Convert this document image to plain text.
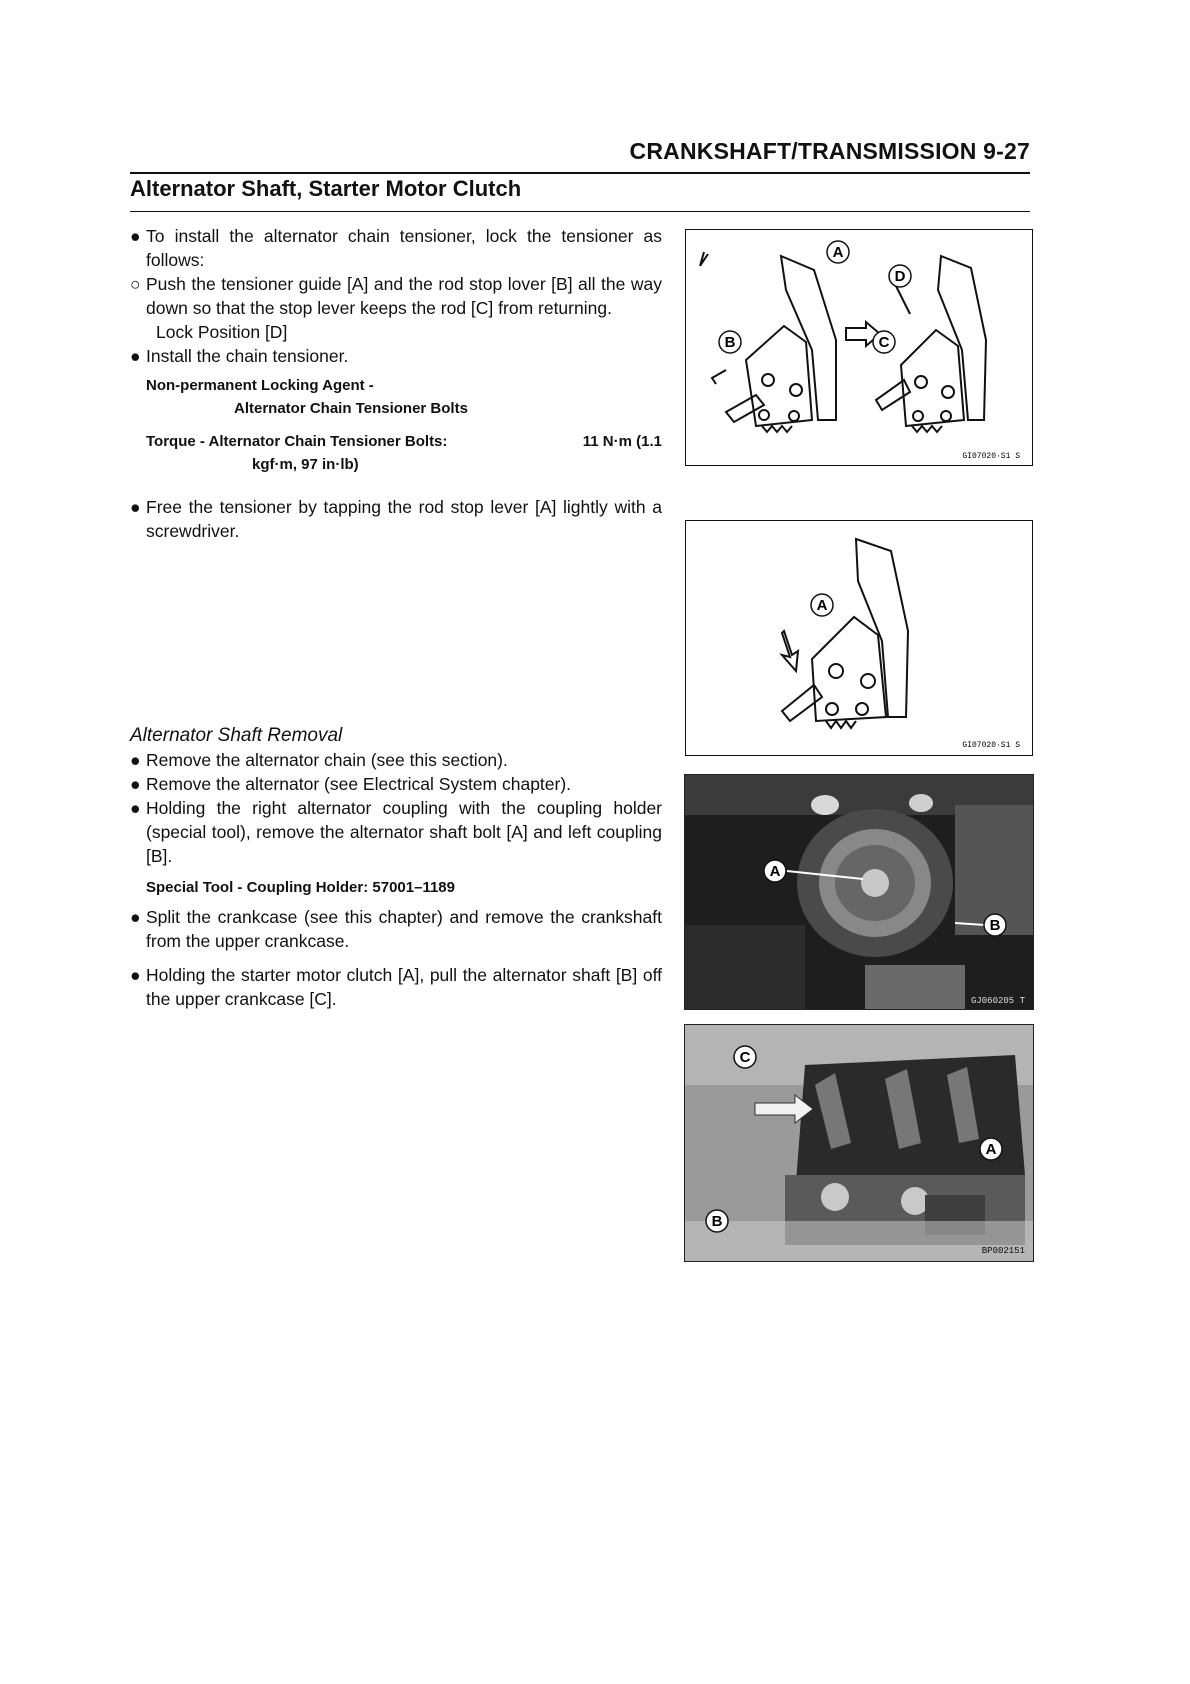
CRANKSHAFT/TRANSMISSION 9-27
Alternator Shaft, Starter Motor Clutch

● To install the alternator chain tensioner, lock the tensioner as follows:

○ Push the tensioner guide [A] and the rod stop lover [B] all the way down so that the stop lever keeps the rod [C] from returning.

Lock Position [D]

● Install the chain tensioner.

Non-permanent Locking Agent -
Alternator Chain Tensioner Bolts
Torque - Alternator Chain Tensioner Bolts:	11 N·m (1.1
kgf·m, 97 in·lb)

● Free the tensioner by tapping the rod stop lever [A] lightly with a screwdriver.

Alternator Shaft Removal

● Remove the alternator chain (see this section).

● Remove the alternator (see Electrical System chapter).

● Holding the right alternator coupling with the coupling holder (special tool), remove the alternator shaft bolt [A] and left coupling [B].

Special Tool - Coupling Holder: 57001–1189

● Split the crankcase (see this chapter) and remove the crankshaft from the upper crankcase.

● Holding the starter motor clutch [A], pull the alternator shaft [B] off the upper crankcase [C].

A
B	C
D
GI07020·S1 S
A
GI07020·S1 S
A
B
GJ060205 T
C
A
B
BP002151
